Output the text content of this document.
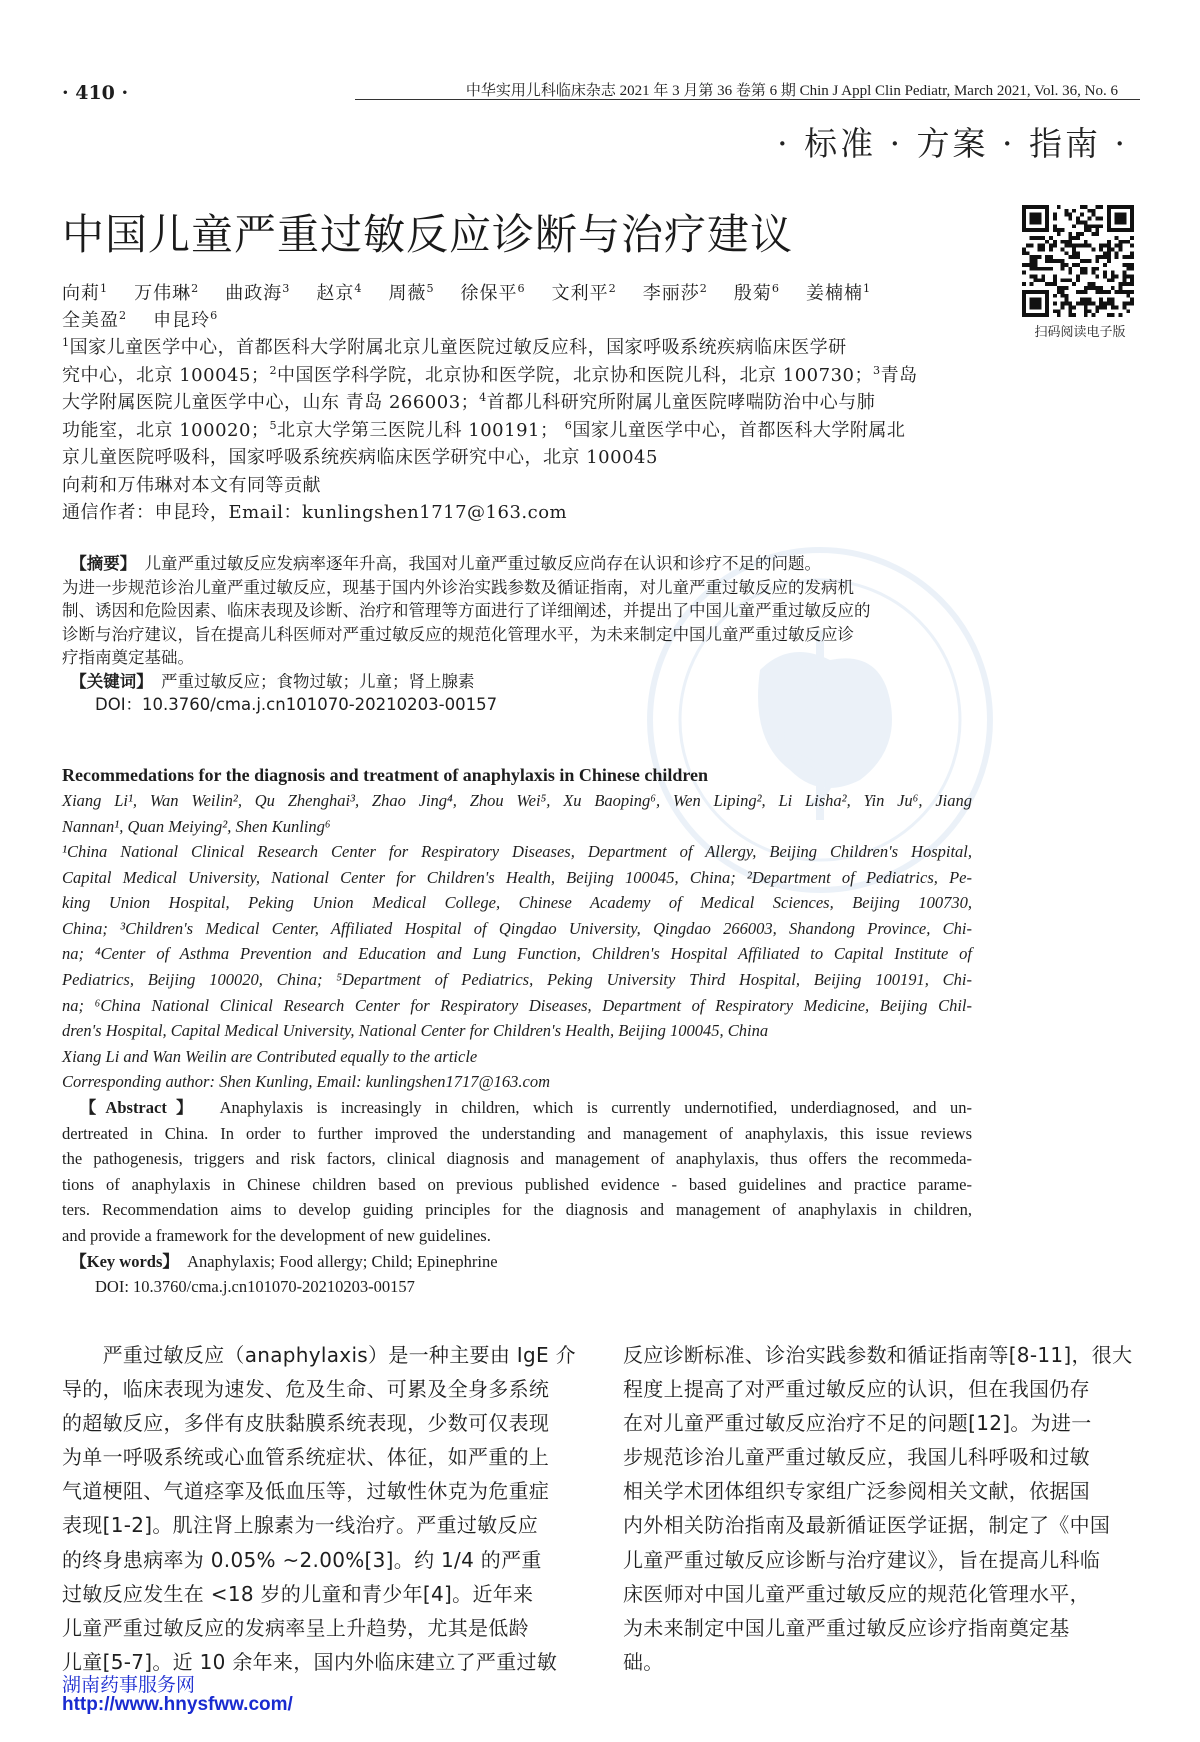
· 410 ·	中华实用儿科临床杂志 2021 年 3 月第 36 卷第 6 期 Chin J Appl Clin Pediatr, March 2021, Vol. 36, No. 6
· 标准 · 方案 · 指南 ·
中国儿童严重过敏反应诊断与治疗建议
扫码阅读电子版
向莉$^1$ 万伟琳$^2$ 曲政海$^3$ 赵京$^4$ 周薇$^5$ 徐保平$^6$ 文利平$^2$ 李丽莎$^2$ 殷菊$^6$ 姜楠楠$^1$
全美盈$^2$ 申昆玲$^6$
$^1$国家儿童医学中心，首都医科大学附属北京儿童医院过敏反应科，国家呼吸系统疾病临床医学研
究中心，北京 100045；$^2$中国医学科学院，北京协和医学院，北京协和医院儿科，北京 100730；$^3$青岛
大学附属医院儿童医学中心，山东 青岛 266003；$^4$首都儿科研究所附属儿童医院哮喘防治中心与肺
功能室，北京 100020；$^5$北京大学第三医院儿科 100191； $^6$国家儿童医学中心，首都医科大学附属北
京儿童医院呼吸科，国家呼吸系统疾病临床医学研究中心，北京 100045
向莉和万伟琳对本文有同等贡献
通信作者：申昆玲，Email：kunlingshen1717@163.com
　【摘要】　 儿童严重过敏反应发病率逐年升高，我国对儿童严重过敏反应尚存在认识和诊疗不足的问题。
为进一步规范诊治儿童严重过敏反应，现基于国内外诊治实践参数及循证指南，对儿童严重过敏反应的发病机
制、诱因和危险因素、临床表现及诊断、治疗和管理等方面进行了详细阐述，并提出了中国儿童严重过敏反应的
诊断与治疗建议，旨在提高儿科医师对严重过敏反应的规范化管理水平，为未来制定中国儿童严重过敏反应诊
疗指南奠定基础。
　【关键词】　 严重过敏反应；食物过敏；儿童；肾上腺素
　　DOI：10.3760/cma.j.cn101070-20210203-00157
Recommedations for the diagnosis and treatment of anaphylaxis in Chinese children
Xiang Li¹, Wan Weilin², Qu Zhenghai³, Zhao Jing⁴, Zhou Wei⁵, Xu Baoping⁶, Wen Liping², Li Lisha², Yin Ju⁶, Jiang
Nannan¹, Quan Meiying², Shen Kunling⁶
¹China National Clinical Research Center for Respiratory Diseases, Department of Allergy, Beijing Children's Hospital,
Capital Medical University, National Center for Children's Health, Beijing 100045, China; ²Department of Pediatrics, Pe-
king Union Hospital, Peking Union Medical College, Chinese Academy of Medical Sciences, Beijing 100730,
China; ³Children's Medical Center, Affiliated Hospital of Qingdao University, Qingdao 266003, Shandong Province, Chi-
na; ⁴Center of Asthma Prevention and Education and Lung Function, Children's Hospital Affiliated to Capital Institute of
Pediatrics, Beijing 100020, China; ⁵Department of Pediatrics, Peking University Third Hospital, Beijing 100191, Chi-
na; ⁶China National Clinical Research Center for Respiratory Diseases, Department of Respiratory Medicine, Beijing Chil-
dren's Hospital, Capital Medical University, National Center for Children's Health, Beijing 100045, China
Xiang Li and Wan Weilin are Contributed equally to the article
Corresponding author: Shen Kunling, Email: kunlingshen1717@163.com
　【Abstract】　 Anaphylaxis is increasingly in children, which is currently undernotified, underdiagnosed, and un-
dertreated in China. In order to further improved the understanding and management of anaphylaxis, this issue reviews
the pathogenesis, triggers and risk factors, clinical diagnosis and management of anaphylaxis, thus offers the recommeda-
tions of anaphylaxis in Chinese children based on previous published evidence - based guidelines and practice parame-
ters. Recommendation aims to develop guiding principles for the diagnosis and management of anaphylaxis in children,
and provide a framework for the development of new guidelines.
　【Key words】　 Anaphylaxis; Food allergy; Child; Epinephrine
　　DOI: 10.3760/cma.j.cn101070-20210203-00157
　　严重过敏反应（anaphylaxis）是一种主要由 IgE 介
导的，临床表现为速发、危及生命、可累及全身多系统
的超敏反应，多伴有皮肤黏膜系统表现，少数可仅表现
为单一呼吸系统或心血管系统症状、体征，如严重的上
气道梗阻、气道痉挛及低血压等，过敏性休克为危重症
表现[1-2]。肌注肾上腺素为一线治疗。严重过敏反应
的终身患病率为 0.05% ~2.00%[3]。约 1/4 的严重
过敏反应发生在 <18 岁的儿童和青少年[4]。近年来
儿童严重过敏反应的发病率呈上升趋势，尤其是低龄
儿童[5-7]。近 10 余年来，国内外临床建立了严重过敏
反应诊断标准、诊治实践参数和循证指南等[8-11]，很大
程度上提高了对严重过敏反应的认识，但在我国仍存
在对儿童严重过敏反应治疗不足的问题[12]。为进一
步规范诊治儿童严重过敏反应，我国儿科呼吸和过敏
相关学术团体组织专家组广泛参阅相关文献，依据国
内外相关防治指南及最新循证医学证据，制定了《中国
儿童严重过敏反应诊断与治疗建议》，旨在提高儿科临
床医师对中国儿童严重过敏反应的规范化管理水平，
为未来制定中国儿童严重过敏反应诊疗指南奠定基
础。
湖南药事服务网
http://www.hnysfww.com/
